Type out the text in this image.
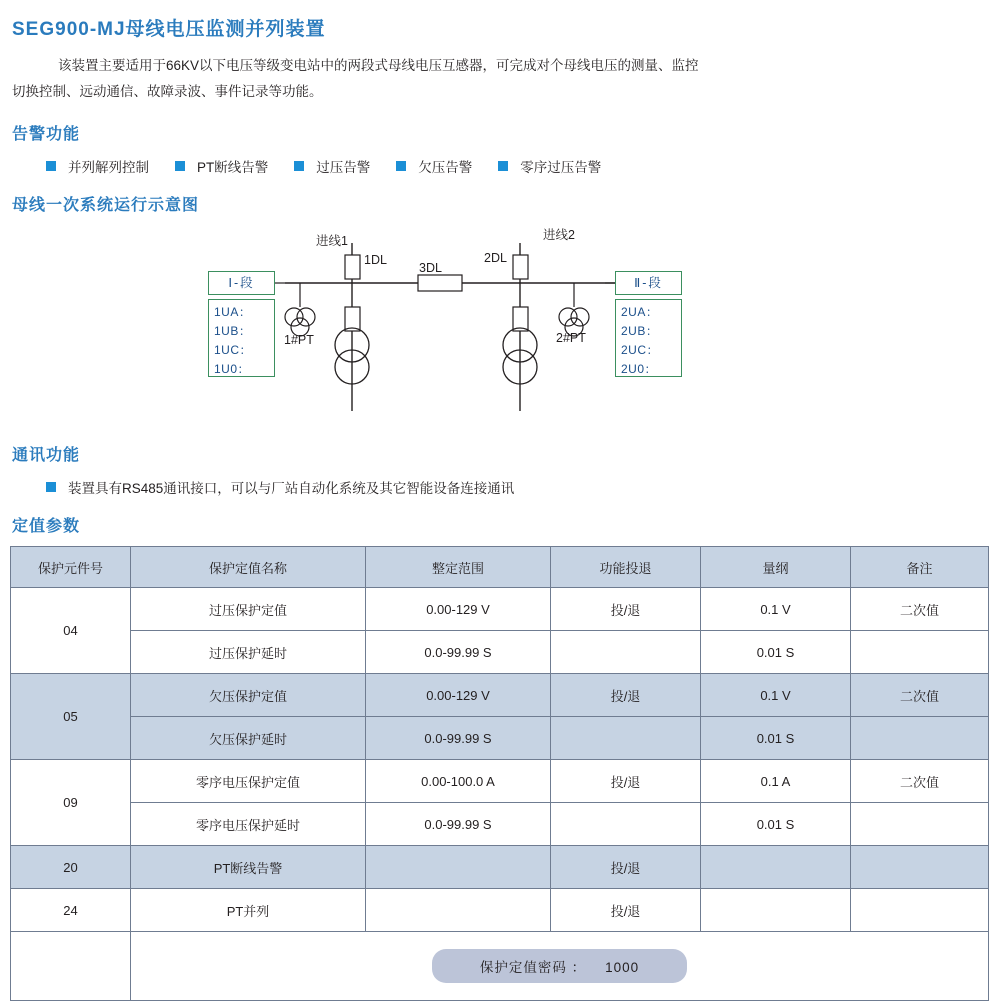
SEG900-MJ母线电压监测并列装置
该装置主要适用于66KV以下电压等级变电站中的两段式母线电压互感器，可完成对个母线电压的测量、监控
切换控制、远动通信、故障录波、事件记录等功能。
告警功能
并列解列控制	PT断线告警	过压告警	欠压告警	零序过压告警
母线一次系统运行示意图
进线1	进线2
1DL	2DL
3DL
1#PT	2#PT
Ⅰ-段	Ⅱ-段
1UA：
1UB：
1UC：
1U0：
2UA：
2UB：
2UC：
2U0：
通讯功能
装置具有RS485通讯接口，可以与厂站自动化系统及其它智能设备连接通讯
定值参数
保护元件号	保护定值名称	整定范围	功能投退	量纲	备注
04	过压保护定值	0.00-129 V	投/退	0.1 V	二次值
	过压保护延时	0.0-99.99 S		0.01 S	
05	欠压保护定值	0.00-129 V	投/退	0.1 V	二次值
	欠压保护延时	0.0-99.99 S		0.01 S	
09	零序电压保护定值	0.00-100.0 A	投/退	0.1 A	二次值
	零序电压保护延时	0.0-99.99 S		0.01 S	
20	PT断线告警		投/退		
24	PT并列		投/退		
	保护定值密码 ： 1000				
